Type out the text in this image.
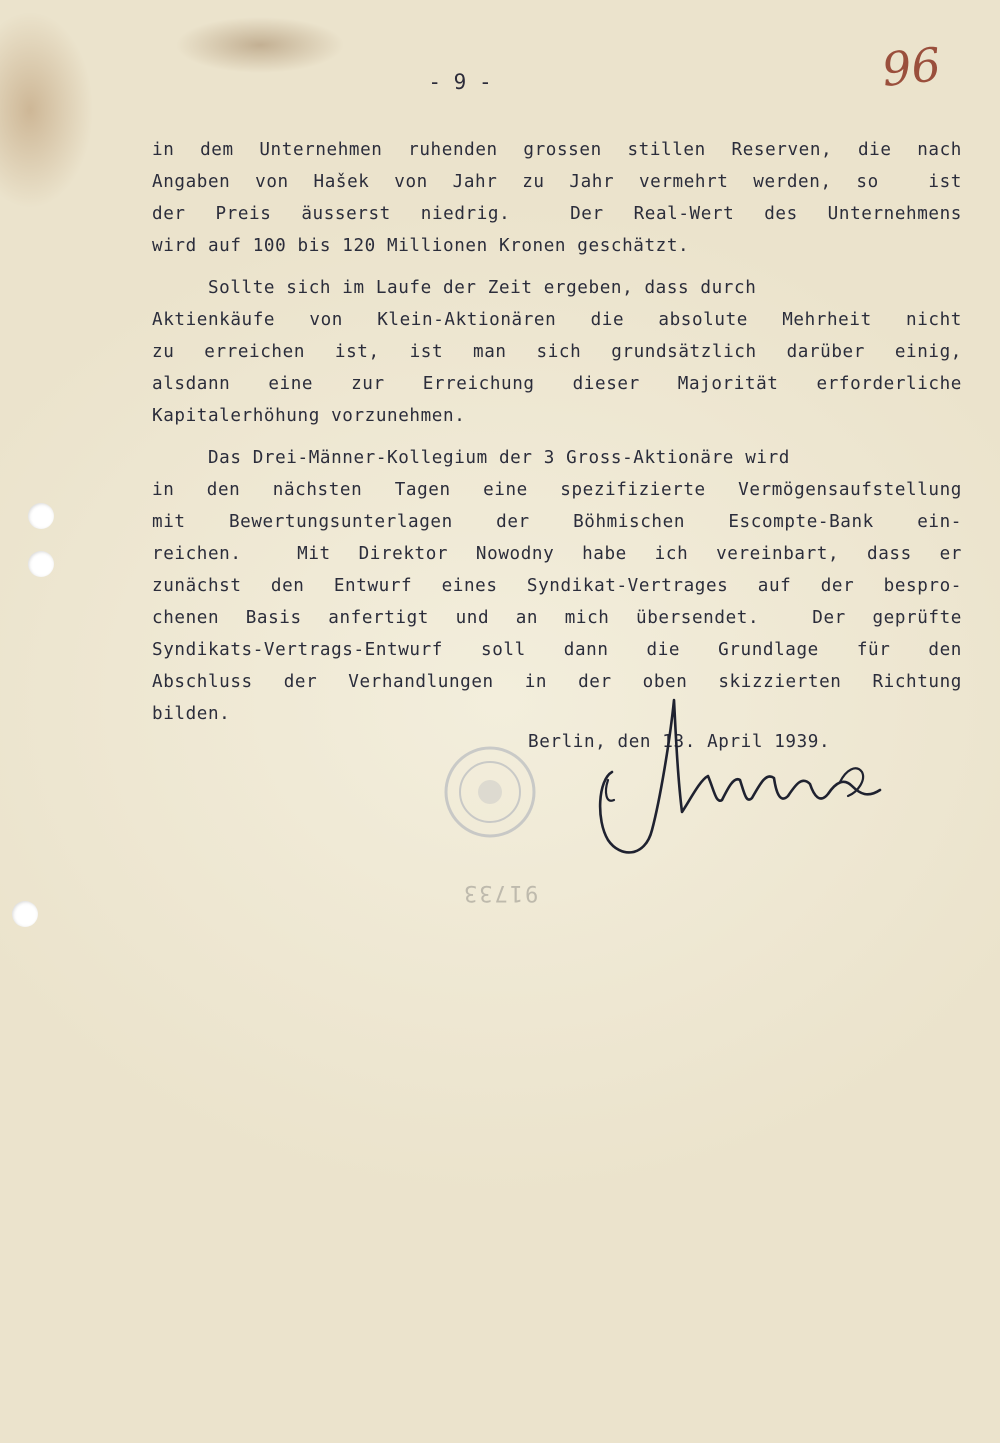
- 9 -	96
in dem Unternehmen ruhenden grossen stillen Reserven, die nach
Angaben von Hašek von Jahr zu Jahr vermehrt werden, so  ist
der Preis äusserst niedrig.  Der Real-Wert des Unternehmens
wird auf 100 bis 120 Millionen Kronen geschätzt.
Sollte sich im Laufe der Zeit ergeben, dass durch
Aktienkäufe von Klein-Aktionären die absolute Mehrheit nicht
zu erreichen ist, ist man sich grundsätzlich darüber einig,
alsdann eine zur Erreichung dieser Majorität erforderliche
Kapitalerhöhung vorzunehmen.
Das Drei-Männer-Kollegium der 3 Gross-Aktionäre wird
in den nächsten Tagen eine spezifizierte Vermögensaufstellung
mit Bewertungsunterlagen der Böhmischen Escompte-Bank ein-
reichen.  Mit Direktor Nowodny habe ich vereinbart, dass er
zunächst den Entwurf eines Syndikat-Vertrages auf der bespro-
chenen Basis anfertigt und an mich übersendet.  Der geprüfte
Syndikats-Vertrags-Entwurf soll dann die Grundlage für den
Abschluss der Verhandlungen in der oben skizzierten Richtung
bilden.
Berlin, den 13. April 1939.
91733
